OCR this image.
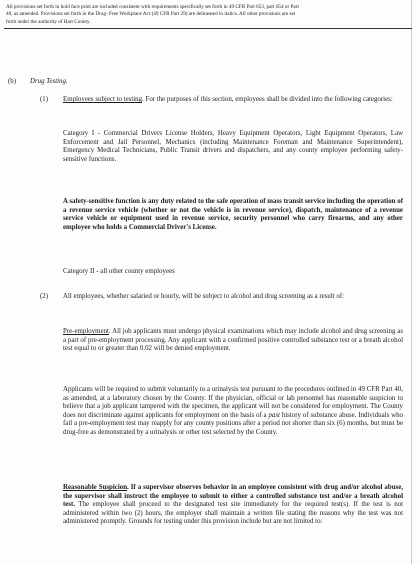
All provisions set forth in bold face print are included consistent with requirements specifically set forth in 49 CFR Part 653, part 654 or Part
40, as amended. Provisions set forth in the Drug- Free Workplace Act (49 CFR Part 29) are delineated in italics. All other provisions are set
forth under the authority of Hart County.
(b) Drug Testing.
(1) Employees subject to testing. For the purposes of this section, employees shall be divided into the following categories:
Category I - Commercial Drivers License Holders, Heavy Equipment Operators, Light Equipment Operators, Law Enforcement and Jail Personnel, Mechanics (including Maintenance Foreman and Maintenance Superintendent), Emergency Medical Technicians, Public Transit drivers and dispatchers, and any county employee performing safety-sensitive functions.
A safety-sensitive function is any duty related to the safe operation of mass transit service including the operation of a revenue service vehicle (whether or not the vehicle is in revenue service), dispatch, maintenance of a revenue service vehicle or equipment used in revenue service, security personnel who carry firearms, and any other employee who holds a Commercial Driver's License.
Category II - all other county employees
(2) All employees, whether salaried or hourly, will be subject to alcohol and drug screening as a result of:
Pre-employment. All job applicants must undergo physical examinations which may include alcohol and drug screening as a part of pre-employment processing. Any applicant with a confirmed positive controlled substance test or a breath alcohol test equal to or greater than 0.02 will be denied employment.
Applicants will be required to submit voluntarily to a urinalysis test pursuant to the procedures outlined in 49 CFR Part 40, as amended, at a laboratory chosen by the County. If the physician, official or lab personnel has reasonable suspicion to believe that a job applicant tampered with the specimen, the applicant will not be considered for employment. The County does not discriminate against applicants for employment on the basis of a past history of substance abuse. Individuals who fail a pre-employment test may reapply for any county positions after a period not shorter than six (6) months, but must be drug-free as demonstrated by a urinalysis or other test selected by the County.
Reasonable Suspicion. If a supervisor observes behavior in an employee consistent with drug and/or alcohol abuse, the supervisor shall instruct the employee to submit to either a controlled substance test and/or a breath alcohol test. The employee shall proceed to the designated test site immediately for the required test(s). If the test is not administered within two (2) hours, the employer shall maintain a written file stating the reasons why the test was not administered promptly. Grounds for testing under this provision include but are not limited to:
